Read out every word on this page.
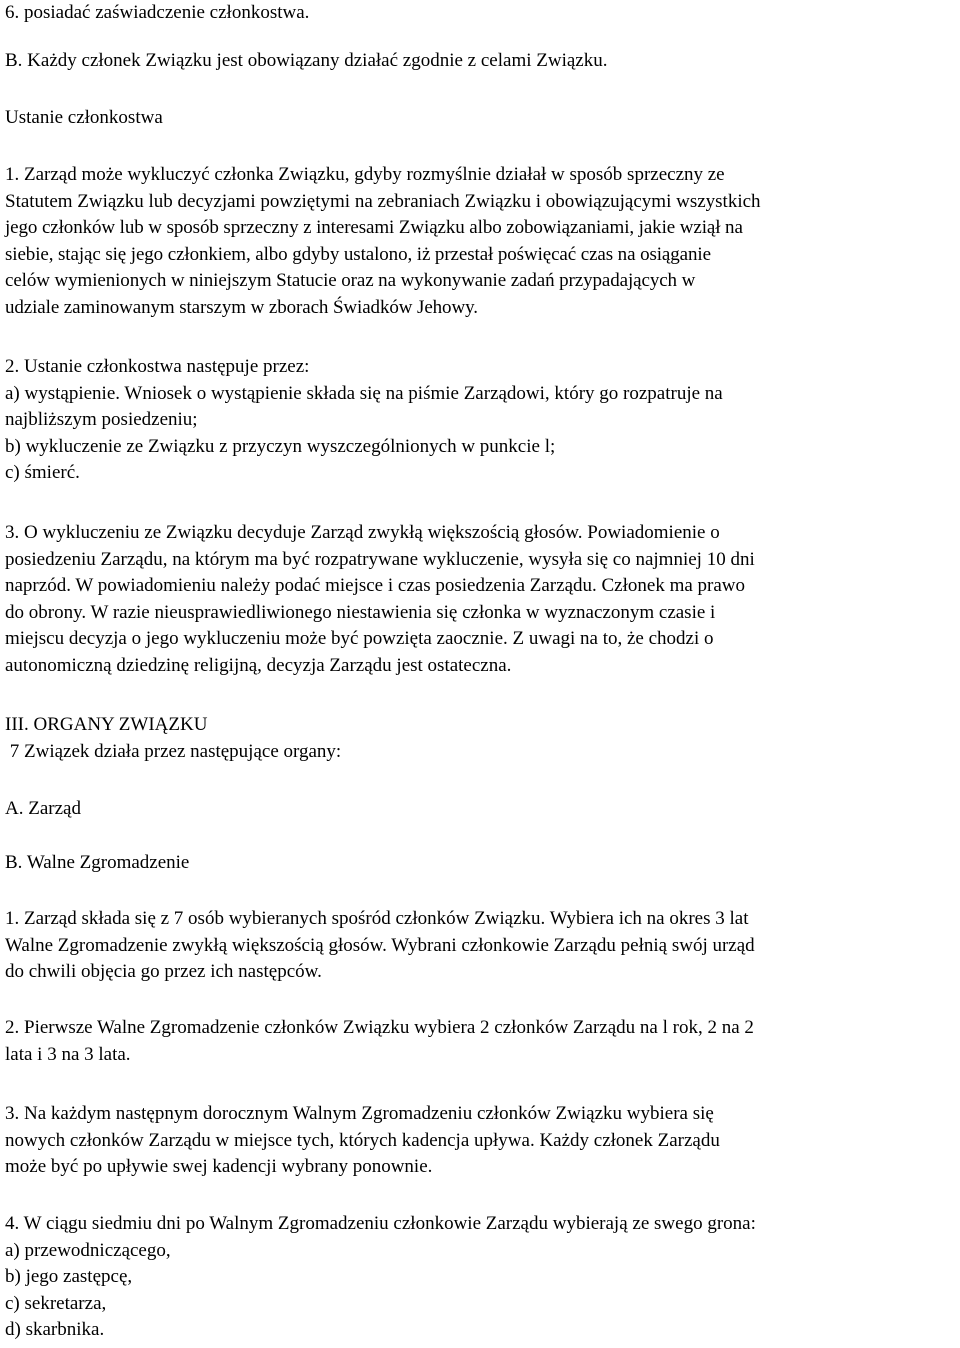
6. posiadać zaświadczenie członkostwa.
B. Każdy członek Związku jest obowiązany działać zgodnie z celami Związku.
Ustanie członkostwa
1. Zarząd może wykluczyć członka Związku, gdyby rozmyślnie działał w sposób sprzeczny ze
Statutem Związku lub decyzjami powziętymi na zebraniach Związku i obowiązującymi wszystkich
jego członków lub w sposób sprzeczny z interesami Związku albo zobowiązaniami, jakie wziął na
siebie, stając się jego członkiem, albo gdyby ustalono, iż przestał poświęcać czas na osiąganie
celów wymienionych w niniejszym Statucie oraz na wykonywanie zadań przypadających w
udziale zaminowanym starszym w zborach Świadków Jehowy.
2. Ustanie członkostwa następuje przez:
a) wystąpienie. Wniosek o wystąpienie składa się na piśmie Zarządowi, który go rozpatruje na
najbliższym posiedzeniu;
b) wykluczenie ze Związku z przyczyn wyszczególnionych w punkcie l;
c) śmierć.
3. O wykluczeniu ze Związku decyduje Zarząd zwykłą większością głosów. Powiadomienie o
posiedzeniu Zarządu, na którym ma być rozpatrywane wykluczenie, wysyła się co najmniej 10 dni
naprzód. W powiadomieniu należy podać miejsce i czas posiedzenia Zarządu. Członek ma prawo
do obrony. W razie nieusprawiedliwionego niestawienia się członka w wyznaczonym czasie i
miejscu decyzja o jego wykluczeniu może być powzięta zaocznie. Z uwagi na to, że chodzi o
autonomiczną dziedzinę religijną, decyzja Zarządu jest ostateczna.
III. ORGANY ZWIĄZKU
7 Związek działa przez następujące organy:
A. Zarząd
B. Walne Zgromadzenie
1. Zarząd składa się z 7 osób wybieranych spośród członków Związku. Wybiera ich na okres 3 lat
Walne Zgromadzenie zwykłą większością głosów. Wybrani członkowie Zarządu pełnią swój urząd
do chwili objęcia go przez ich następców.
2. Pierwsze Walne Zgromadzenie członków Związku wybiera 2 członków Zarządu na l rok, 2 na 2
lata i 3 na 3 lata.
3. Na każdym następnym dorocznym Walnym Zgromadzeniu członków Związku wybiera się
nowych członków Zarządu w miejsce tych, których kadencja upływa. Każdy członek Zarządu
może być po upływie swej kadencji wybrany ponownie.
4. W ciągu siedmiu dni po Walnym Zgromadzeniu członkowie Zarządu wybierają ze swego grona:
a) przewodniczącego,
b) jego zastępcę,
c) sekretarza,
d) skarbnika.
